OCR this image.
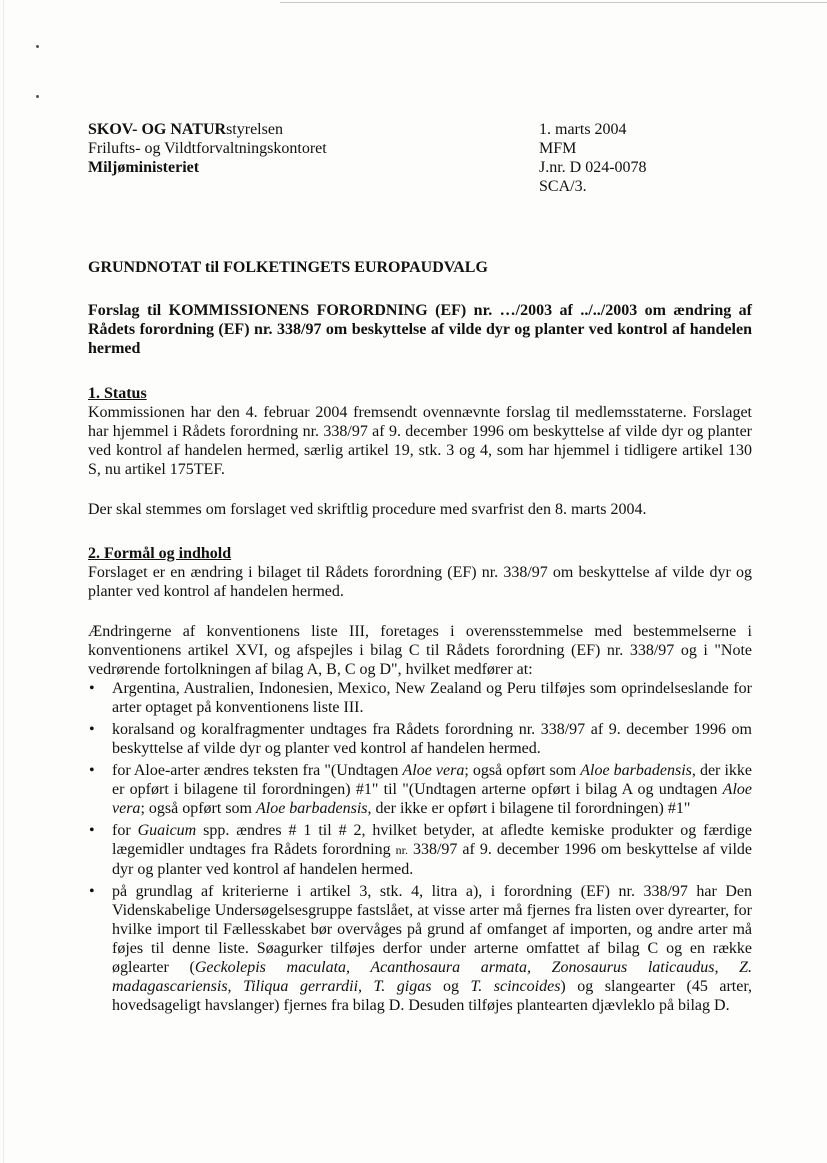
SKOV- OG NATURstyrelsen
Frilufts- og Vildtforvaltningskontoret
Miljøministeriet
1. marts 2004
MFM
J.nr. D 024-0078
SCA/3.
GRUNDNOTAT til FOLKETINGETS EUROPAUDVALG

Forslag til KOMMISSIONENS FORORDNING (EF) nr. …/2003 af ../../2003 om ændring af Rådets forordning (EF) nr. 338/97 om beskyttelse af vilde dyr og planter ved kontrol af handelen hermed

1. Status

Kommissionen har den 4. februar 2004 fremsendt ovennævnte forslag til medlemsstaterne. Forslaget har hjemmel i Rådets forordning nr. 338/97 af 9. december 1996 om beskyttelse af vilde dyr og planter ved kontrol af handelen hermed, særlig artikel 19, stk. 3 og 4, som har hjemmel i tidligere artikel 130 S, nu artikel 175TEF.

Der skal stemmes om forslaget ved skriftlig procedure med svarfrist den 8. marts 2004.

2. Formål og indhold

Forslaget er en ændring i bilaget til Rådets forordning (EF) nr. 338/97 om beskyttelse af vilde dyr og planter ved kontrol af handelen hermed.

Ændringerne af konventionens liste III, foretages i overensstemmelse med bestemmelserne i konventionens artikel XVI, og afspejles i bilag C til Rådets forordning (EF) nr. 338/97 og i "Note vedrørende fortolkningen af bilag A, B, C og D", hvilket medfører at:

• Argentina, Australien, Indonesien, Mexico, New Zealand og Peru tilføjes som oprindelseslande for arter optaget på konventionens liste III.
• koralsand og koralfragmenter undtages fra Rådets forordning nr. 338/97 af 9. december 1996 om beskyttelse af vilde dyr og planter ved kontrol af handelen hermed.
• for Aloe-arter ændres teksten fra "(Undtagen Aloe vera; også opført som Aloe barbadensis, der ikke er opført i bilagene til forordningen) #1" til "(Undtagen arterne opført i bilag A og undtagen Aloe vera; også opført som Aloe barbadensis, der ikke er opført i bilagene til forordningen) #1"
• for Guaicum spp. ændres # 1 til # 2, hvilket betyder, at afledte kemiske produkter og færdige lægemidler undtages fra Rådets forordning nr. 338/97 af 9. december 1996 om beskyttelse af vilde dyr og planter ved kontrol af handelen hermed.
• på grundlag af kriterierne i artikel 3, stk. 4, litra a), i forordning (EF) nr. 338/97 har Den Videnskabelige Undersøgelsesgruppe fastslået, at visse arter må fjernes fra listen over dyrearter, for hvilke import til Fællesskabet bør overvåges på grund af omfanget af importen, og andre arter må føjes til denne liste. Søagurker tilføjes derfor under arterne omfattet af bilag C og en række øglearter (Geckolepis maculata, Acanthosaura armata, Zonosaurus laticaudus, Z. madagascariensis, Tiliqua gerrardii, T. gigas og T. scincoides) og slangearter (45 arter, hovedsageligt havslanger) fjernes fra bilag D. Desuden tilføjes plantearten djævleklo på bilag D.
